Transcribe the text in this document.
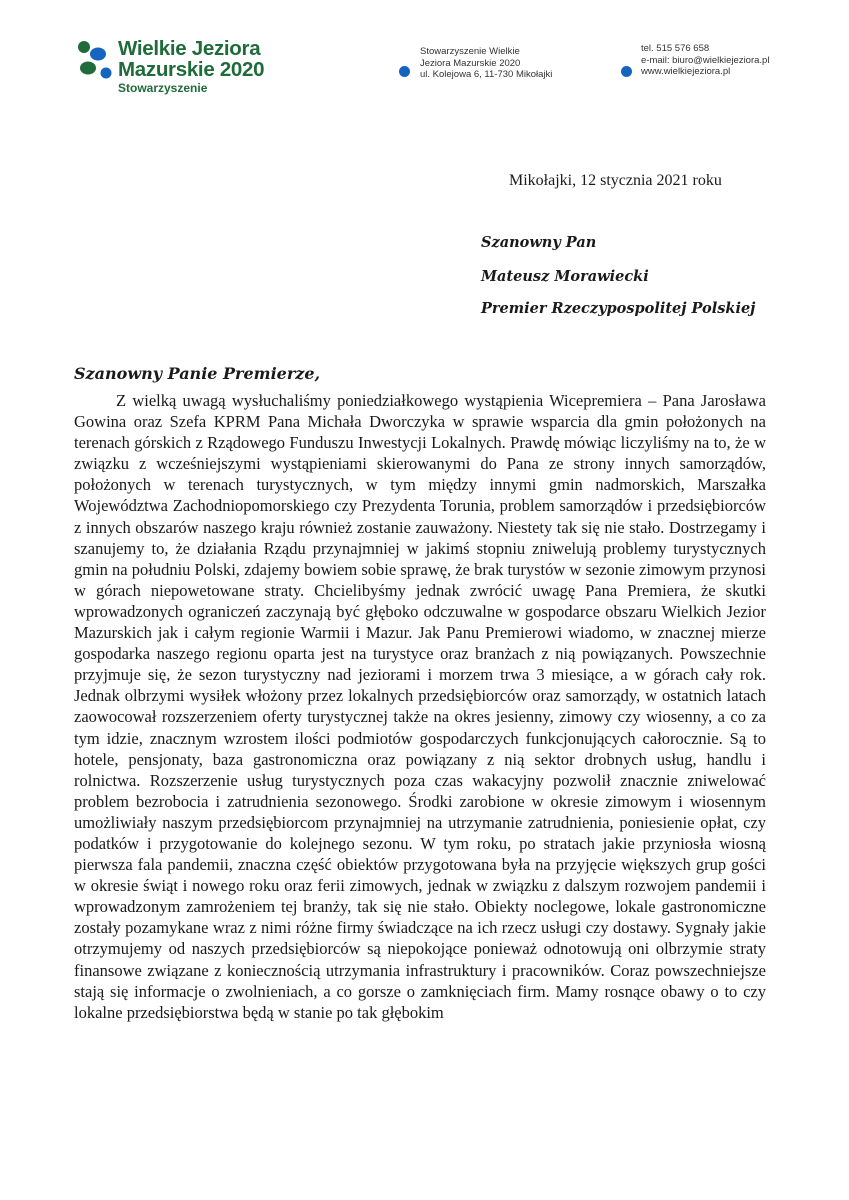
Wielkie Jeziora
Mazurskie 2020
Stowarzyszenie
Stowarzyszenie Wielkie
Jeziora Mazurskie 2020
ul. Kolejowa 6, 11-730 Mikołajki
tel. 515 576 658
e-mail: biuro@wielkiejeziora.pl
www.wielkiejeziora.pl
Mikołajki, 12 stycznia 2021 roku
Szanowny Pan
Mateusz Morawiecki
Premier Rzeczypospolitej Polskiej
Szanowny Panie Premierze,

Z wielką uwagą wysłuchaliśmy poniedziałkowego wystąpienia Wicepremiera – Pana Jarosława Gowina oraz Szefa KPRM Pana Michała Dworczyka w sprawie wsparcia dla gmin położonych na terenach górskich z Rządowego Funduszu Inwestycji Lokalnych. Prawdę mówiąc liczyliśmy na to, że w związku z wcześniejszymi wystąpieniami skierowanymi do Pana ze strony innych samorządów, położonych w terenach turystycznych, w tym między innymi gmin nadmorskich, Marszałka Województwa Zachodniopomorskiego czy Prezydenta Torunia, problem samorządów i przedsiębiorców z innych obszarów naszego kraju również zostanie zauważony. Niestety tak się nie stało. Dostrzegamy i szanujemy to, że działania Rządu przynajmniej w jakimś stopniu zniwelują problemy turystycznych gmin na południu Polski, zdajemy bowiem sobie sprawę, że brak turystów w sezonie zimowym przynosi w górach niepowetowane straty. Chcielibyśmy jednak zwrócić uwagę Pana Premiera, że skutki wprowadzonych ograniczeń zaczynają być głęboko odczuwalne w gospodarce obszaru Wielkich Jezior Mazurskich jak i całym regionie Warmii i Mazur. Jak Panu Premierowi wiadomo, w znacznej mierze gospodarka naszego regionu oparta jest na turystyce oraz branżach z nią powiązanych. Powszechnie przyjmuje się, że sezon turystyczny nad jeziorami i morzem trwa 3 miesiące, a w górach cały rok. Jednak olbrzymi wysiłek włożony przez lokalnych przedsiębiorców oraz samorządy, w ostatnich latach zaowocował rozszerzeniem oferty turystycznej także na okres jesienny, zimowy czy wiosenny, a co za tym idzie, znacznym wzrostem ilości podmiotów gospodarczych funkcjonujących całorocznie. Są to hotele, pensjonaty, baza gastronomiczna oraz powiązany z nią sektor drobnych usług, handlu i rolnictwa. Rozszerzenie usług turystycznych poza czas wakacyjny pozwolił znacznie zniwelować problem bezrobocia i zatrudnienia sezonowego. Środki zarobione w okresie zimowym i wiosennym umożliwiały naszym przedsiębiorcom przynajmniej na utrzymanie zatrudnienia, poniesienie opłat, czy podatków i przygotowanie do kolejnego sezonu. W tym roku, po stratach jakie przyniosła wiosną pierwsza fala pandemii, znaczna część obiektów przygotowana była na przyjęcie większych grup gości w okresie świąt i nowego roku oraz ferii zimowych, jednak w związku z dalszym rozwojem pandemii i wprowadzonym zamrożeniem tej branży, tak się nie stało. Obiekty noclegowe, lokale gastronomiczne zostały pozamykane wraz z nimi różne firmy świadczące na ich rzecz usługi czy dostawy. Sygnały jakie otrzymujemy od naszych przedsiębiorców są niepokojące ponieważ odnotowują oni olbrzymie straty finansowe związane z koniecznością utrzymania infrastruktury i pracowników. Coraz powszechniejsze stają się informacje o zwolnieniach, a co gorsze o zamknięciach firm. Mamy rosnące obawy o to czy lokalne przedsiębiorstwa będą w stanie po tak głębokim
